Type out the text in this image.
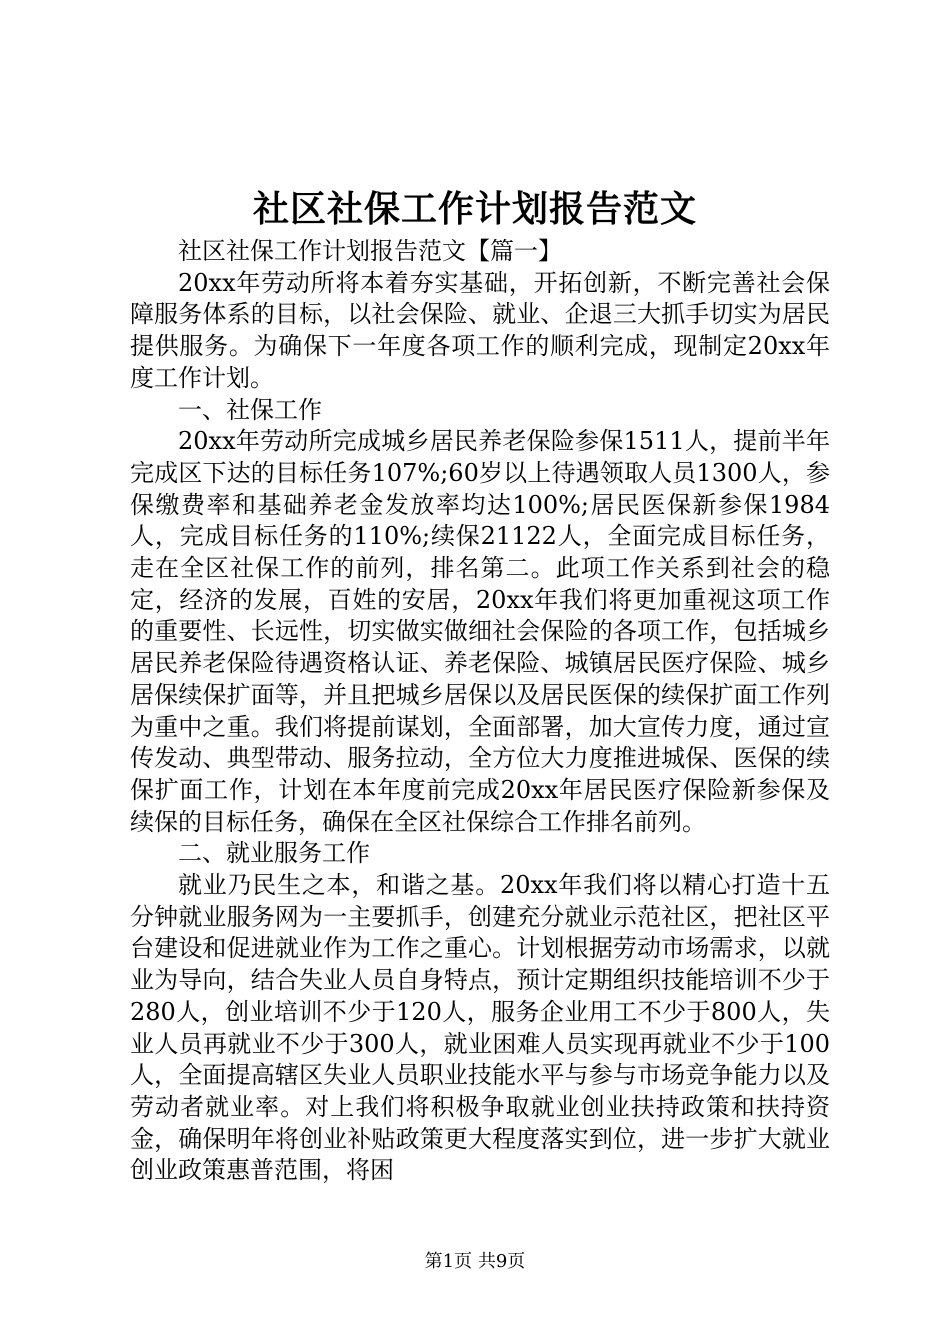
社区社保工作计划报告范文

社区社保工作计划报告范文【篇一】

20xx年劳动所将本着夯实基础，开拓创新，不断完善社会保障服务体系的目标，以社会保险、就业、企退三大抓手切实为居民提供服务。为确保下一年度各项工作的顺利完成，现制定20xx年度工作计划。

一、社保工作

20xx年劳动所完成城乡居民养老保险参保1511人，提前半年完成区下达的目标任务107%;60岁以上待遇领取人员1300人，参保缴费率和基础养老金发放率均达100%;居民医保新参保1984人，完成目标任务的110%;续保21122人，全面完成目标任务，走在全区社保工作的前列，排名第二。此项工作关系到社会的稳定，经济的发展，百姓的安居，20xx年我们将更加重视这项工作的重要性、长远性，切实做实做细社会保险的各项工作，包括城乡居民养老保险待遇资格认证、养老保险、城镇居民医疗保险、城乡居保续保扩面等，并且把城乡居保以及居民医保的续保扩面工作列为重中之重。我们将提前谋划，全面部署，加大宣传力度，通过宣传发动、典型带动、服务拉动，全方位大力度推进城保、医保的续保扩面工作，计划在本年度前完成20xx年居民医疗保险新参保及续保的目标任务，确保在全区社保综合工作排名前列。

二、就业服务工作

就业乃民生之本，和谐之基。20xx年我们将以精心打造十五分钟就业服务网为一主要抓手，创建充分就业示范社区，把社区平台建设和促进就业作为工作之重心。计划根据劳动市场需求，以就业为导向，结合失业人员自身特点，预计定期组织技能培训不少于280人，创业培训不少于120人，服务企业用工不少于800人，失业人员再就业不少于300人，就业困难人员实现再就业不少于100人，全面提高辖区失业人员职业技能水平与参与市场竞争能力以及劳动者就业率。对上我们将积极争取就业创业扶持政策和扶持资金，确保明年将创业补贴政策更大程度落实到位，进一步扩大就业创业政策惠普范围，将困

第1页 共9页
